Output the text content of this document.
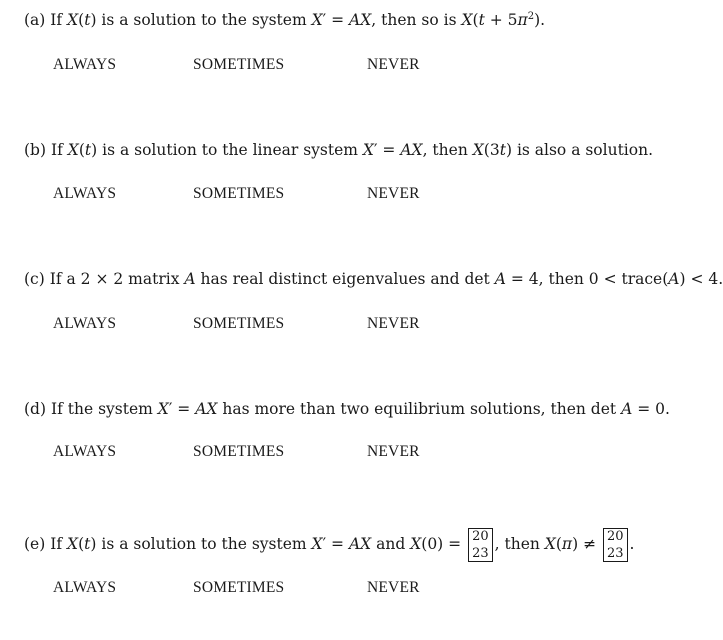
(a) If X(t) is a solution to the system X′ = AX, then so is $X(t + 5\pi^2)$.
ALWAYS	SOMETIMES	NEVER
(b) If X(t) is a solution to the linear system X′ = AX, then X(3t) is also a solution.
ALWAYS	SOMETIMES	NEVER
(c) If a 2 × 2 matrix A has real distinct eigenvalues and det A = 4, then 0 < trace(A) < 4.
ALWAYS	SOMETIMES	NEVER
(d) If the system X′ = AX has more than two equilibrium solutions, then det A = 0.
ALWAYS	SOMETIMES	NEVER
(e) If X(t) is a solution to the system X′ = AX and X(0) = 20
23
, then X(π) ≠ 20
23
.
ALWAYS	SOMETIMES	NEVER
